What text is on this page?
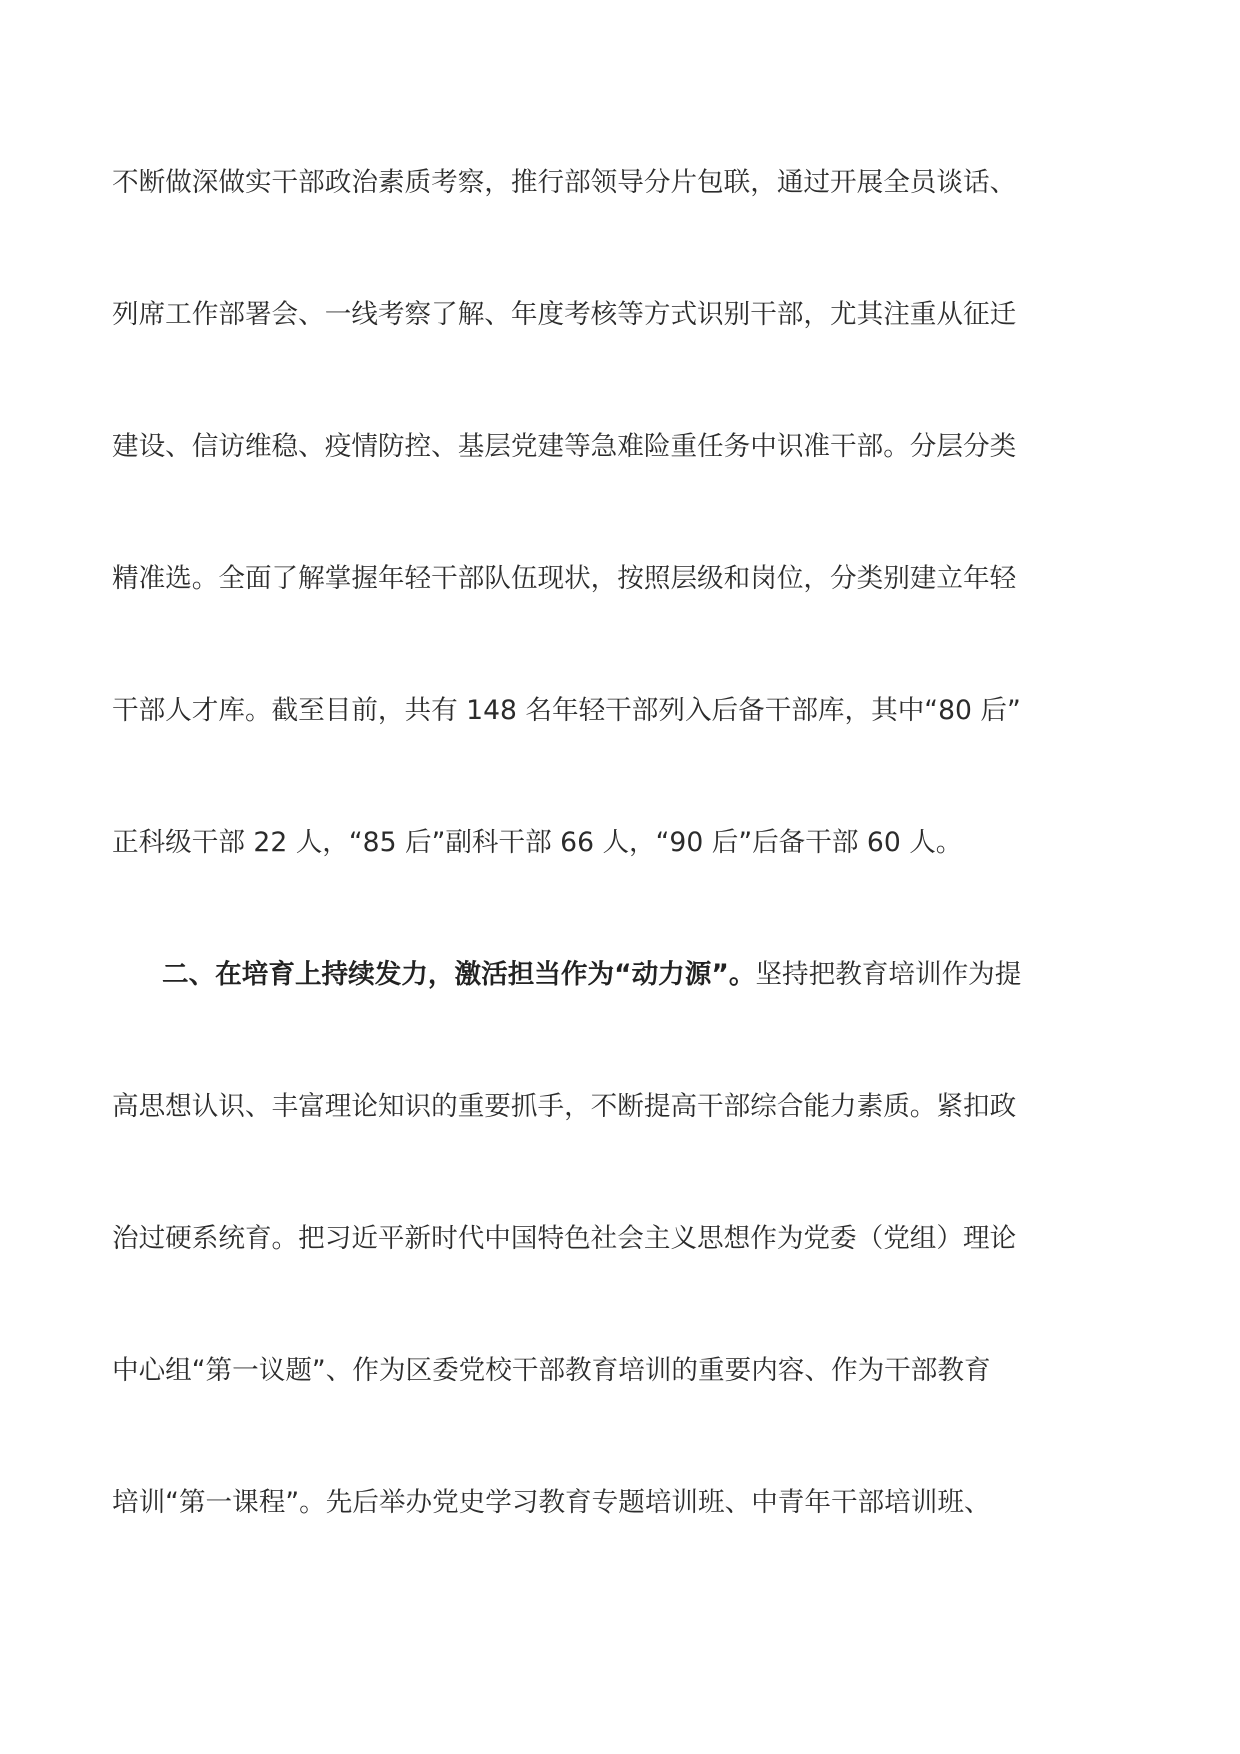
不断做深做实干部政治素质考察，推行部领导分片包联，通过开展全员谈话、
列席工作部署会、一线考察了解、年度考核等方式识别干部，尤其注重从征迁
建设、信访维稳、疫情防控、基层党建等急难险重任务中识准干部。分层分类
精准选。全面了解掌握年轻干部队伍现状，按照层级和岗位，分类别建立年轻
干部人才库。截至目前，共有 148 名年轻干部列入后备干部库，其中“80 后”
正科级干部 22 人，“85 后”副科干部 66 人，“90 后”后备干部 60 人。
二、在培育上持续发力，激活担当作为“动力源”。坚持把教育培训作为提
高思想认识、丰富理论知识的重要抓手，不断提高干部综合能力素质。紧扣政
治过硬系统育。把习近平新时代中国特色社会主义思想作为党委（党组）理论
中心组“第一议题”、作为区委党校干部教育培训的重要内容、作为干部教育
培训“第一课程”。先后举办党史学习教育专题培训班、中青年干部培训班、
